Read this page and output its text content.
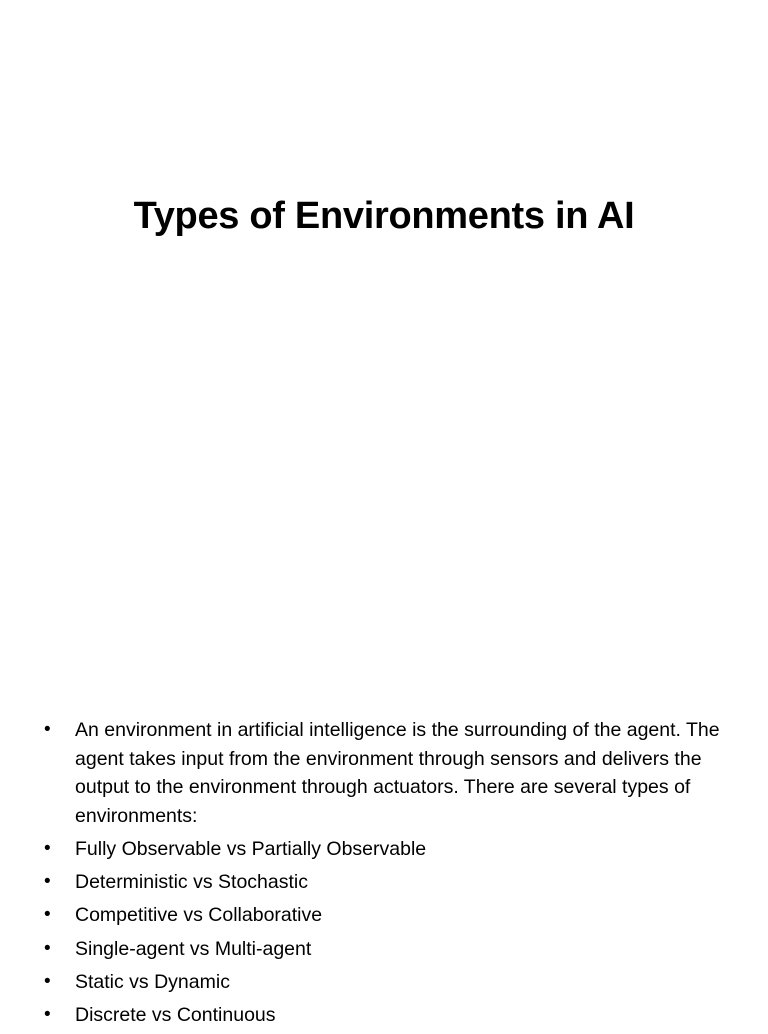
Types of Environments in AI
• An environment in artificial intelligence is the surrounding of the agent. The agent takes input from the environment through sensors and delivers the output to the environment through actuators. There are several types of environments:
• Fully Observable vs Partially Observable
• Deterministic vs Stochastic
• Competitive vs Collaborative
• Single-agent vs Multi-agent
• Static vs Dynamic
• Discrete vs Continuous
